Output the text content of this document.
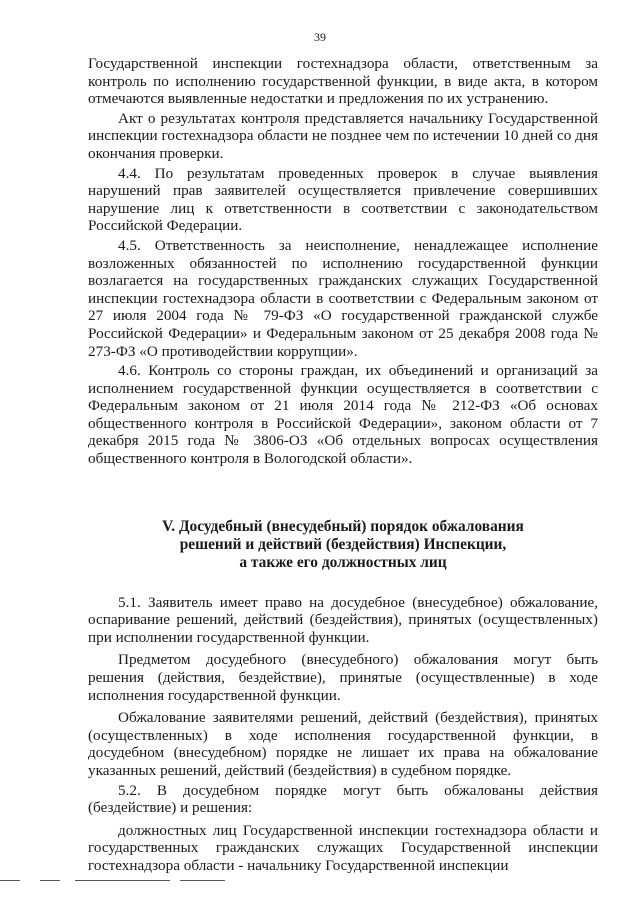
39

Государственной инспекции гостехнадзора области, ответственным за контроль по исполнению государственной функции, в виде акта, в котором отмечаются выявленные недостатки и предложения по их устранению.

Акт о результатах контроля представляется начальнику Государственной инспекции гостехнадзора области не позднее чем по истечении 10 дней со дня окончания проверки.

4.4. По результатам проведенных проверок в случае выявления нарушений прав заявителей осуществляется привлечение совершивших нарушение лиц к ответственности в соответствии с законодательством Российской Федерации.

4.5. Ответственность за неисполнение, ненадлежащее исполнение возложенных обязанностей по исполнению государственной функции возлагается на государственных гражданских служащих Государственной инспекции гостехнадзора области в соответствии с Федеральным законом от 27 июля 2004 года № 79-ФЗ «О государственной гражданской службе Российской Федерации» и Федеральным законом от 25 декабря 2008 года № 273-ФЗ «О противодействии коррупции».

4.6. Контроль со стороны граждан, их объединений и организаций за исполнением государственной функции осуществляется в соответствии с Федеральным законом от 21 июля 2014 года № 212-ФЗ «Об основах общественного контроля в Российской Федерации», законом области от 7 декабря 2015 года № 3806-ОЗ «Об отдельных вопросах осуществления общественного контроля в Вологодской области».

V. Досудебный (внесудебный) порядок обжалования
решений и действий (бездействия) Инспекции,
а также его должностных лиц

5.1. Заявитель имеет право на досудебное (внесудебное) обжалование, оспаривание решений, действий (бездействия), принятых (осуществленных) при исполнении государственной функции.

Предметом досудебного (внесудебного) обжалования могут быть решения (действия, бездействие), принятые (осуществленные) в ходе исполнения государственной функции.

Обжалование заявителями решений, действий (бездействия), принятых (осуществленных) в ходе исполнения государственной функции, в досудебном (внесудебном) порядке не лишает их права на обжалование указанных решений, действий (бездействия) в судебном порядке.

5.2. В досудебном порядке могут быть обжалованы действия (бездействие) и решения:

должностных лиц Государственной инспекции гостехнадзора области и государственных гражданских служащих Государственной инспекции гостехнадзора области - начальнику Государственной инспекции
